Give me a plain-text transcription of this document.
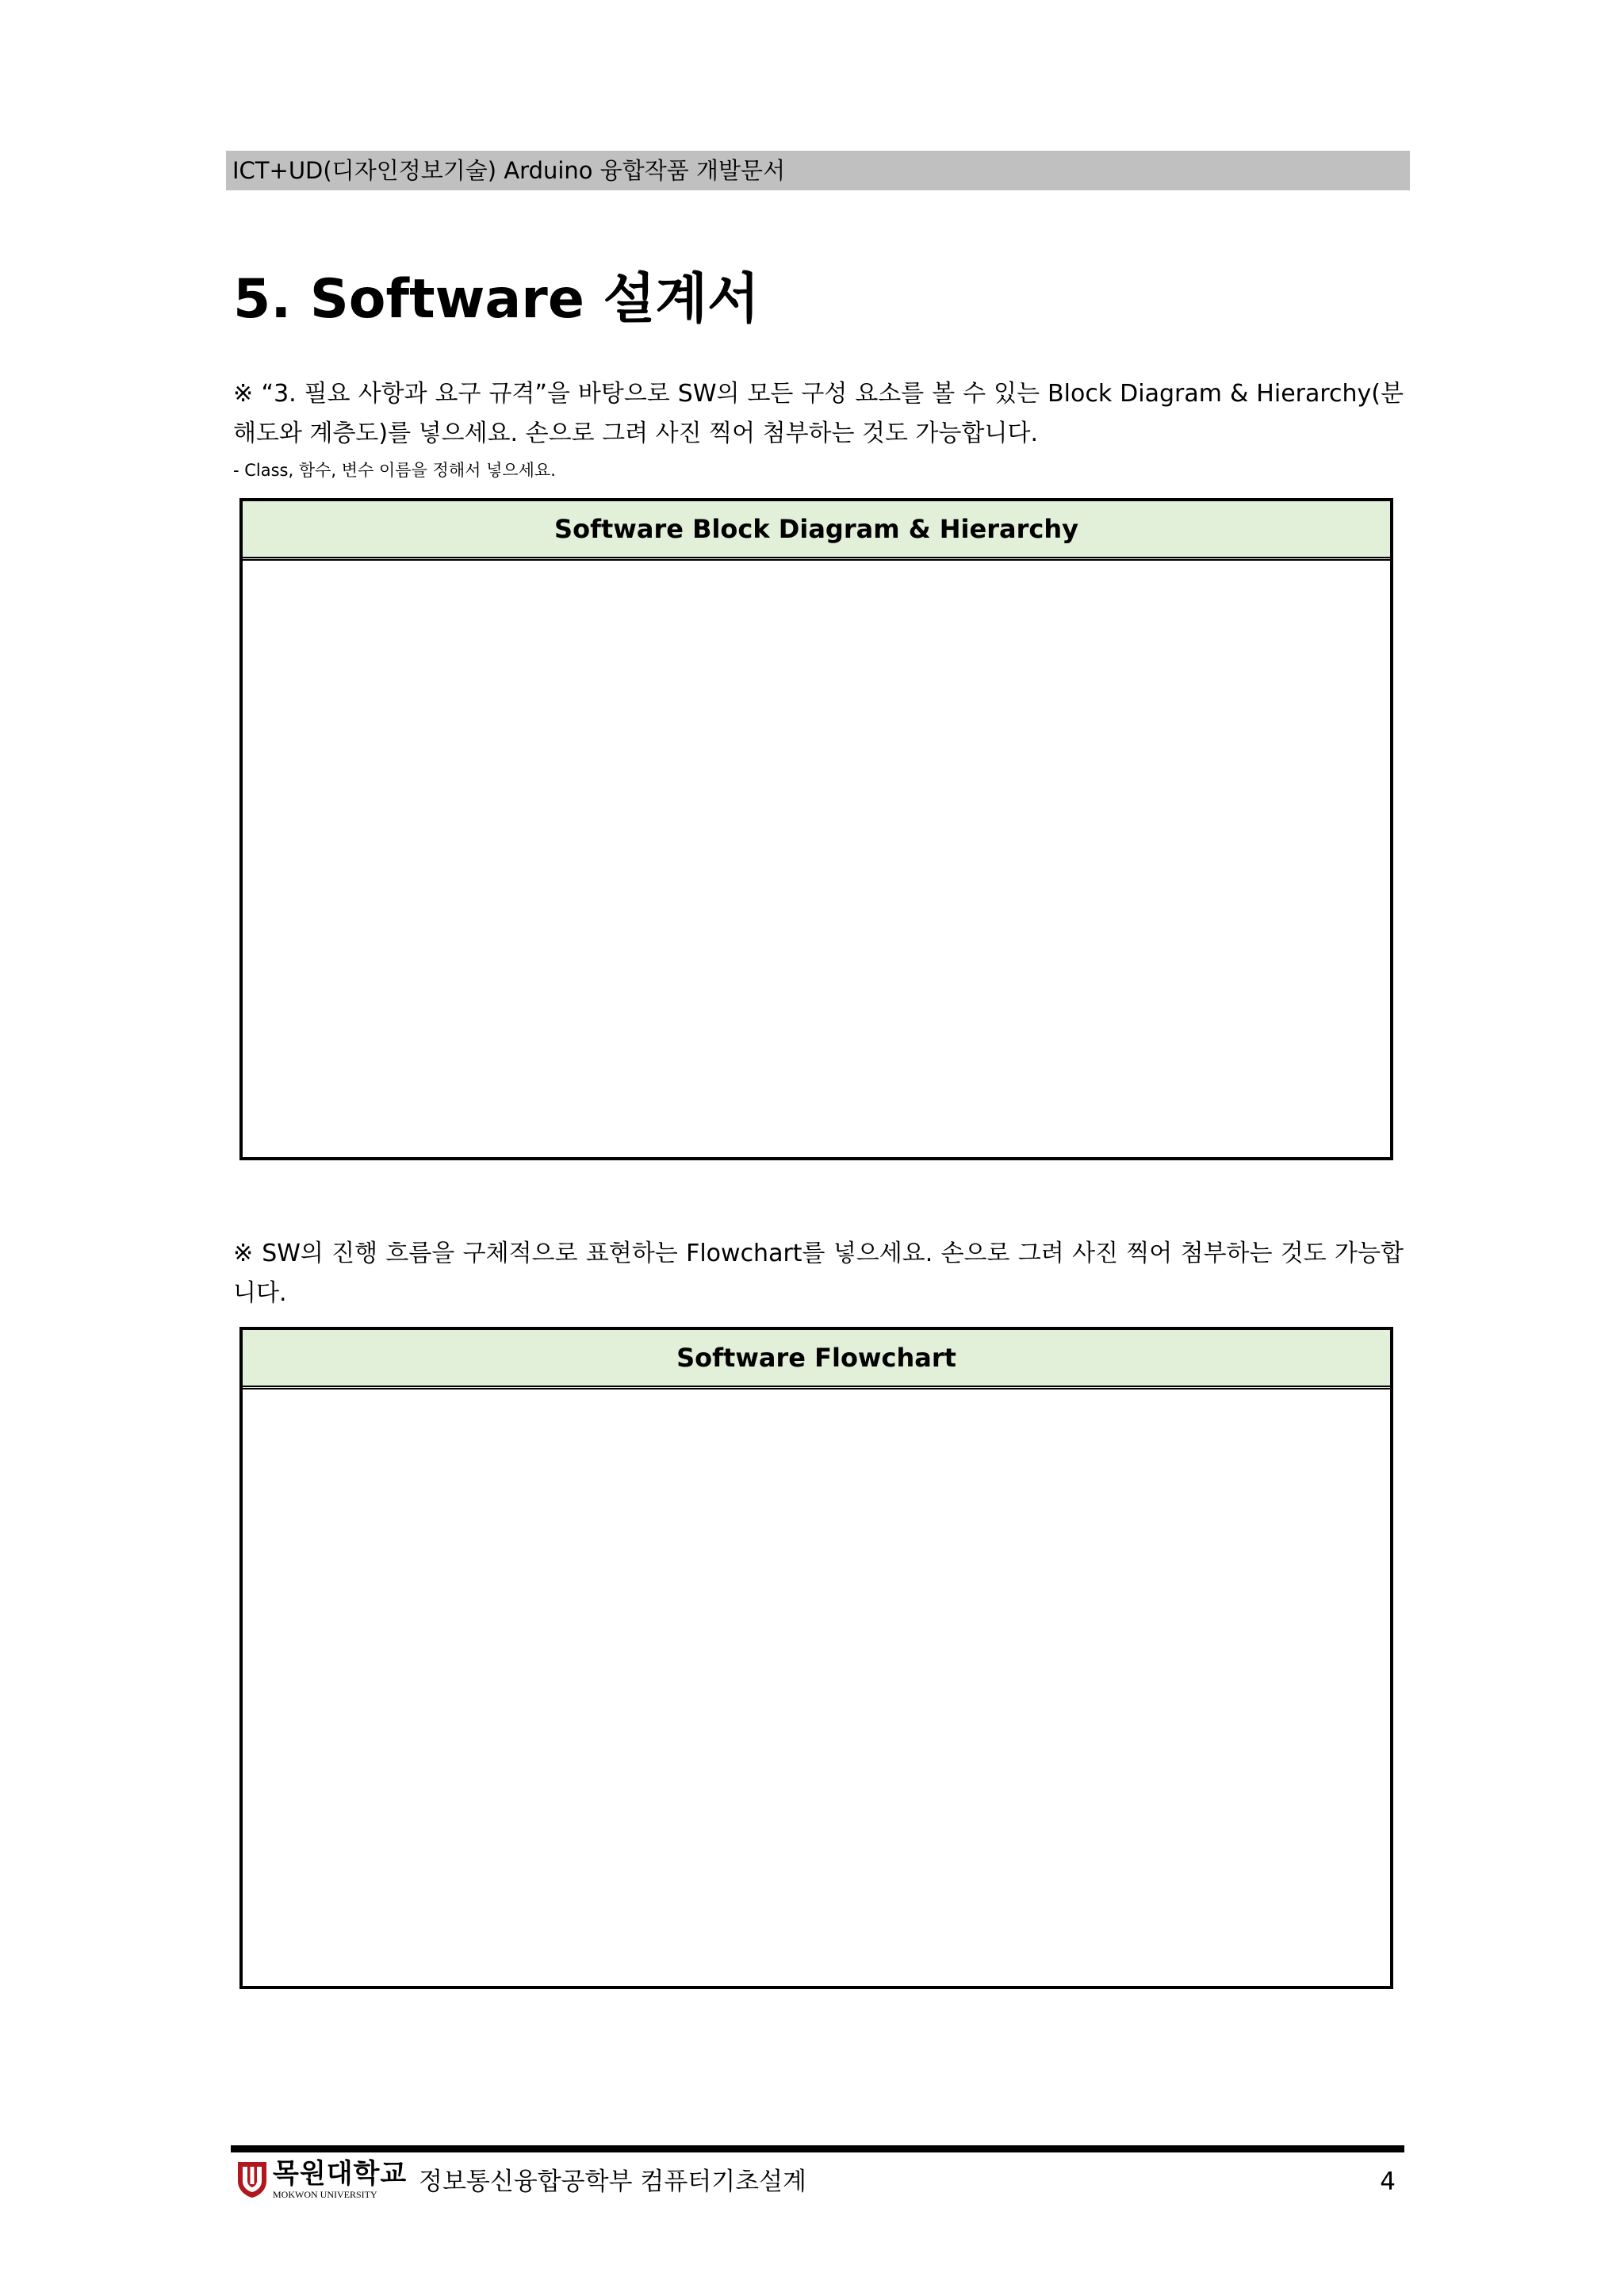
ICT+UD(디자인정보기술) Arduino 융합작품 개발문서
5. Software 설계서

※ “3. 필요 사항과 요구 규격”을 바탕으로 SW의 모든 구성 요소를 볼 수 있는 Block Diagram & Hierarchy(분해도와 계층도)를 넣으세요. 손으로 그려 사진 찍어 첨부하는 것도 가능합니다.

- Class, 함수, 변수 이름을 정해서 넣으세요.

Software Block Diagram & Hierarchy

※ SW의 진행 흐름을 구체적으로 표현하는 Flowchart를 넣으세요. 손으로 그려 사진 찍어 첨부하는 것도 가능합니다.

Software Flowchart
목원대학교
MOKWON UNIVERSITY	정보통신융합공학부 컴퓨터기초설계	4
